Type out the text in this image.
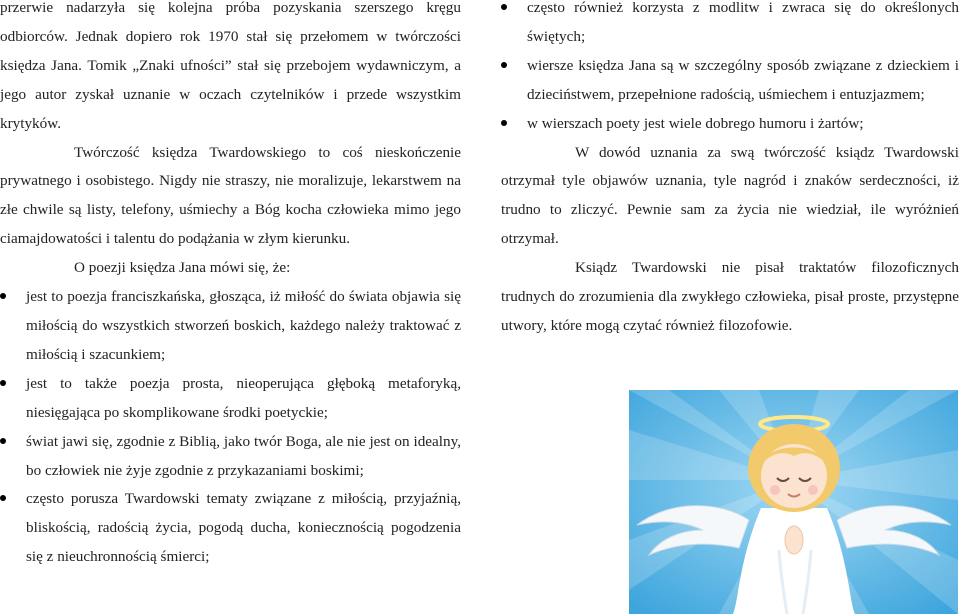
przerwie nadarzyła się kolejna próba pozyskania szerszego kręgu odbiorców. Jednak dopiero rok 1970 stał się przełomem w twórczości księdza Jana. Tomik „Znaki ufności” stał się przebojem wydawniczym, a jego autor zyskał uznanie w oczach czytelników i przede wszystkim krytyków.

Twórczość księdza Twardowskiego to coś nieskończenie prywatnego i osobistego. Nigdy nie straszy, nie moralizuje, lekarstwem na złe chwile są listy, telefony, uśmiechy a Bóg kocha człowieka mimo jego ciamajdowatości i talentu do podążania w złym kierunku.

O poezji księdza Jana mówi się, że:

jest to poezja franciszkańska, głosząca, iż miłość do świata objawia się miłością do wszystkich stworzeń boskich, każdego należy traktować z miłością i szacunkiem;
jest to także poezja prosta, nieoperująca głęboką metaforyką, niesięgająca po skomplikowane środki poetyckie;
świat jawi się, zgodnie z Biblią, jako twór Boga, ale nie jest on idealny, bo człowiek nie żyje zgodnie z przykazaniami boskimi;
często porusza Twardowski tematy związane z miłością, przyjaźnią, bliskością, radością życia, pogodą ducha, koniecznością pogodzenia się z nieuchronnością śmierci;
często również korzysta z modlitw i zwraca się do określonych świętych;
wiersze księdza Jana są w szczególny sposób związane z dzieckiem i dzieciństwem, przepełnione radością, uśmiechem i entuzjazmem;
w wierszach poety jest wiele dobrego humoru i żartów;

W dowód uznania za swą twórczość ksiądz Twardowski otrzymał tyle objawów uznania, tyle nagród i znaków serdeczności, iż trudno to zliczyć. Pewnie sam za życia nie wiedział, ile wyróżnień otrzymał.

Ksiądz Twardowski nie pisał traktatów filozoficznych trudnych do zrozumienia dla zwykłego człowieka, pisał proste, przystępne utwory, które mogą czytać również filozofowie.
